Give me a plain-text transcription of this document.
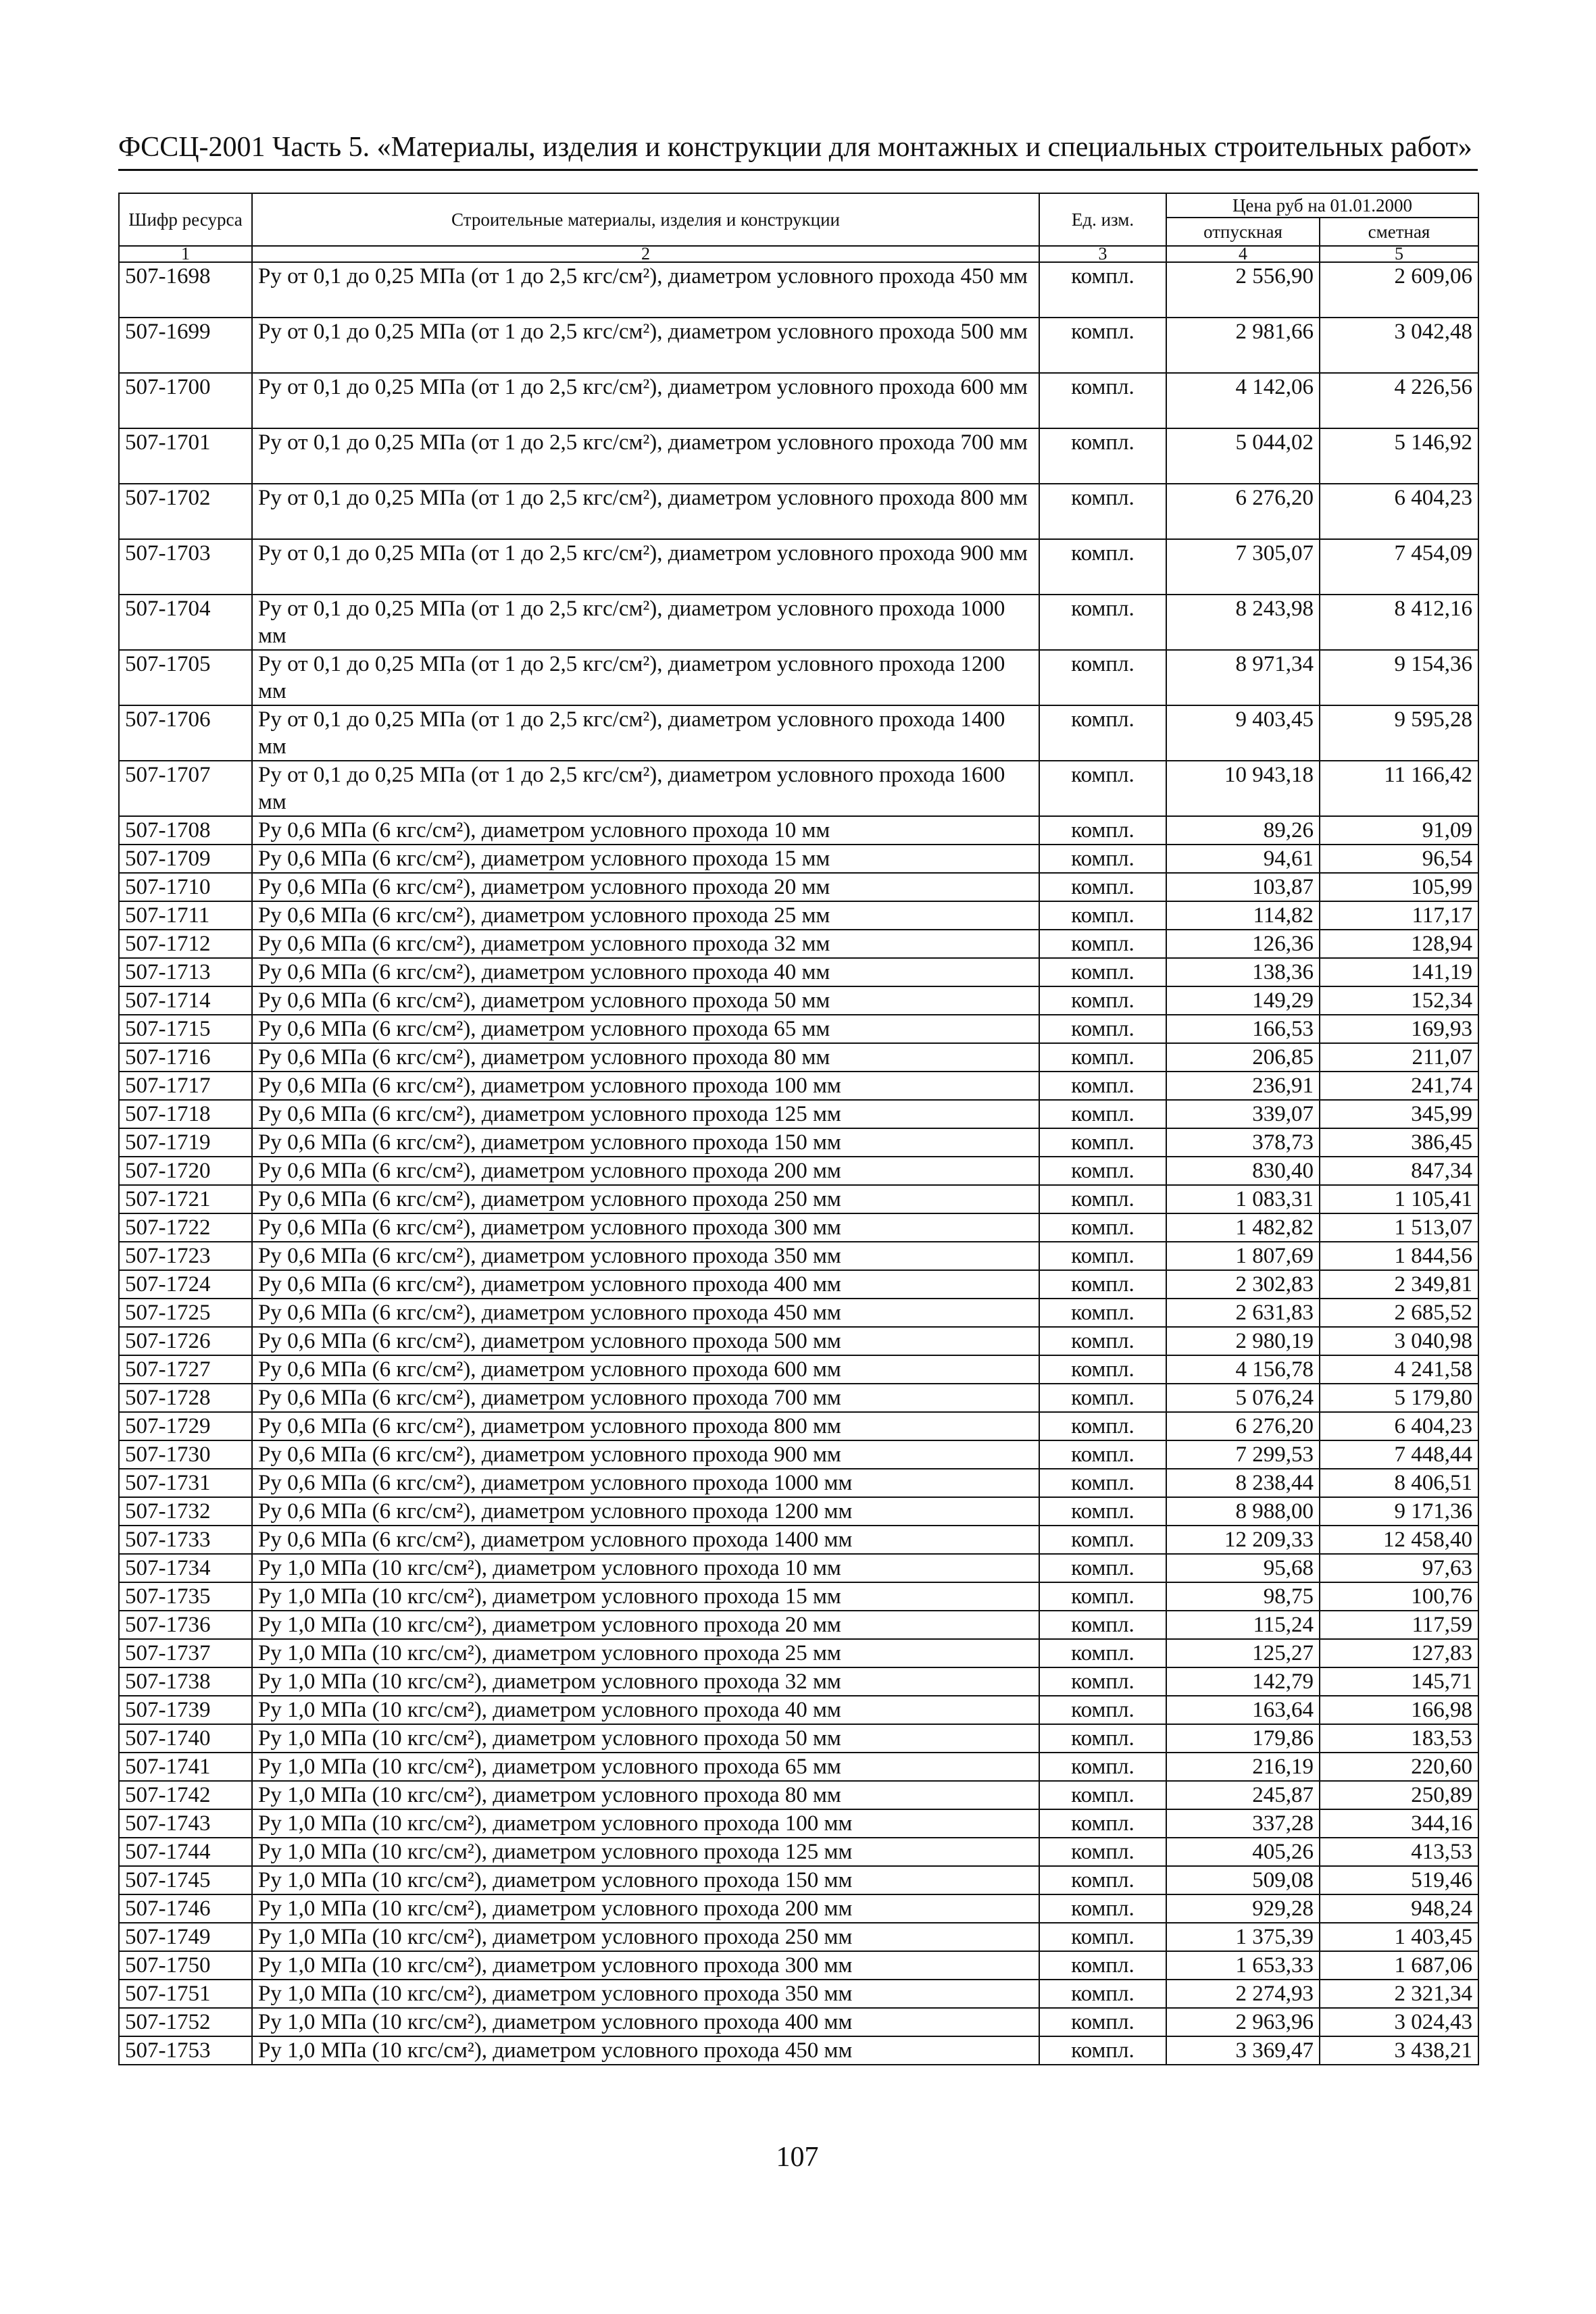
ФССЦ-2001 Часть 5. «Материалы, изделия и конструкции для монтажных и специальных строительных работ»
Шифр ресурса	Строительные материалы, изделия и конструкции	Ед. изм.	Цена руб на 01.01.2000	
			отпускная	сметная
1	2	3	4	5
507-1698	Ру от 0,1 до 0,25 МПа (от 1 до 2,5 кгс/см²), диаметром условного прохода 450 мм	компл.	2 556,90	2 609,06
507-1699	Ру от 0,1 до 0,25 МПа (от 1 до 2,5 кгс/см²), диаметром условного прохода 500 мм	компл.	2 981,66	3 042,48
507-1700	Ру от 0,1 до 0,25 МПа (от 1 до 2,5 кгс/см²), диаметром условного прохода 600 мм	компл.	4 142,06	4 226,56
507-1701	Ру от 0,1 до 0,25 МПа (от 1 до 2,5 кгс/см²), диаметром условного прохода 700 мм	компл.	5 044,02	5 146,92
507-1702	Ру от 0,1 до 0,25 МПа (от 1 до 2,5 кгс/см²), диаметром условного прохода 800 мм	компл.	6 276,20	6 404,23
507-1703	Ру от 0,1 до 0,25 МПа (от 1 до 2,5 кгс/см²), диаметром условного прохода 900 мм	компл.	7 305,07	7 454,09
507-1704	Ру от 0,1 до 0,25 МПа (от 1 до 2,5 кгс/см²), диаметром условного прохода 1000 мм	компл.	8 243,98	8 412,16
507-1705	Ру от 0,1 до 0,25 МПа (от 1 до 2,5 кгс/см²), диаметром условного прохода 1200 мм	компл.	8 971,34	9 154,36
507-1706	Ру от 0,1 до 0,25 МПа (от 1 до 2,5 кгс/см²), диаметром условного прохода 1400 мм	компл.	9 403,45	9 595,28
507-1707	Ру от 0,1 до 0,25 МПа (от 1 до 2,5 кгс/см²), диаметром условного прохода 1600 мм	компл.	10 943,18	11 166,42
507-1708	Ру 0,6 МПа (6 кгс/см²), диаметром условного прохода 10 мм	компл.	89,26	91,09
507-1709	Ру 0,6 МПа (6 кгс/см²), диаметром условного прохода 15 мм	компл.	94,61	96,54
507-1710	Ру 0,6 МПа (6 кгс/см²), диаметром условного прохода 20 мм	компл.	103,87	105,99
507-1711	Ру 0,6 МПа (6 кгс/см²), диаметром условного прохода 25 мм	компл.	114,82	117,17
507-1712	Ру 0,6 МПа (6 кгс/см²), диаметром условного прохода 32 мм	компл.	126,36	128,94
507-1713	Ру 0,6 МПа (6 кгс/см²), диаметром условного прохода 40 мм	компл.	138,36	141,19
507-1714	Ру 0,6 МПа (6 кгс/см²), диаметром условного прохода 50 мм	компл.	149,29	152,34
507-1715	Ру 0,6 МПа (6 кгс/см²), диаметром условного прохода 65 мм	компл.	166,53	169,93
507-1716	Ру 0,6 МПа (6 кгс/см²), диаметром условного прохода 80 мм	компл.	206,85	211,07
507-1717	Ру 0,6 МПа (6 кгс/см²), диаметром условного прохода 100 мм	компл.	236,91	241,74
507-1718	Ру 0,6 МПа (6 кгс/см²), диаметром условного прохода 125 мм	компл.	339,07	345,99
507-1719	Ру 0,6 МПа (6 кгс/см²), диаметром условного прохода 150 мм	компл.	378,73	386,45
507-1720	Ру 0,6 МПа (6 кгс/см²), диаметром условного прохода 200 мм	компл.	830,40	847,34
507-1721	Ру 0,6 МПа (6 кгс/см²), диаметром условного прохода 250 мм	компл.	1 083,31	1 105,41
507-1722	Ру 0,6 МПа (6 кгс/см²), диаметром условного прохода 300 мм	компл.	1 482,82	1 513,07
507-1723	Ру 0,6 МПа (6 кгс/см²), диаметром условного прохода 350 мм	компл.	1 807,69	1 844,56
507-1724	Ру 0,6 МПа (6 кгс/см²), диаметром условного прохода 400 мм	компл.	2 302,83	2 349,81
507-1725	Ру 0,6 МПа (6 кгс/см²), диаметром условного прохода 450 мм	компл.	2 631,83	2 685,52
507-1726	Ру 0,6 МПа (6 кгс/см²), диаметром условного прохода 500 мм	компл.	2 980,19	3 040,98
507-1727	Ру 0,6 МПа (6 кгс/см²), диаметром условного прохода 600 мм	компл.	4 156,78	4 241,58
507-1728	Ру 0,6 МПа (6 кгс/см²), диаметром условного прохода 700 мм	компл.	5 076,24	5 179,80
507-1729	Ру 0,6 МПа (6 кгс/см²), диаметром условного прохода 800 мм	компл.	6 276,20	6 404,23
507-1730	Ру 0,6 МПа (6 кгс/см²), диаметром условного прохода 900 мм	компл.	7 299,53	7 448,44
507-1731	Ру 0,6 МПа (6 кгс/см²), диаметром условного прохода 1000 мм	компл.	8 238,44	8 406,51
507-1732	Ру 0,6 МПа (6 кгс/см²), диаметром условного прохода 1200 мм	компл.	8 988,00	9 171,36
507-1733	Ру 0,6 МПа (6 кгс/см²), диаметром условного прохода 1400 мм	компл.	12 209,33	12 458,40
507-1734	Ру 1,0 МПа (10 кгс/см²), диаметром условного прохода 10 мм	компл.	95,68	97,63
507-1735	Ру 1,0 МПа (10 кгс/см²), диаметром условного прохода 15 мм	компл.	98,75	100,76
507-1736	Ру 1,0 МПа (10 кгс/см²), диаметром условного прохода 20 мм	компл.	115,24	117,59
507-1737	Ру 1,0 МПа (10 кгс/см²), диаметром условного прохода 25 мм	компл.	125,27	127,83
507-1738	Ру 1,0 МПа (10 кгс/см²), диаметром условного прохода 32 мм	компл.	142,79	145,71
507-1739	Ру 1,0 МПа (10 кгс/см²), диаметром условного прохода 40 мм	компл.	163,64	166,98
507-1740	Ру 1,0 МПа (10 кгс/см²), диаметром условного прохода 50 мм	компл.	179,86	183,53
507-1741	Ру 1,0 МПа (10 кгс/см²), диаметром условного прохода 65 мм	компл.	216,19	220,60
507-1742	Ру 1,0 МПа (10 кгс/см²), диаметром условного прохода 80 мм	компл.	245,87	250,89
507-1743	Ру 1,0 МПа (10 кгс/см²), диаметром условного прохода 100 мм	компл.	337,28	344,16
507-1744	Ру 1,0 МПа (10 кгс/см²), диаметром условного прохода 125 мм	компл.	405,26	413,53
507-1745	Ру 1,0 МПа (10 кгс/см²), диаметром условного прохода 150 мм	компл.	509,08	519,46
507-1746	Ру 1,0 МПа (10 кгс/см²), диаметром условного прохода 200 мм	компл.	929,28	948,24
507-1749	Ру 1,0 МПа (10 кгс/см²), диаметром условного прохода 250 мм	компл.	1 375,39	1 403,45
507-1750	Ру 1,0 МПа (10 кгс/см²), диаметром условного прохода 300 мм	компл.	1 653,33	1 687,06
507-1751	Ру 1,0 МПа (10 кгс/см²), диаметром условного прохода 350 мм	компл.	2 274,93	2 321,34
507-1752	Ру 1,0 МПа (10 кгс/см²), диаметром условного прохода 400 мм	компл.	2 963,96	3 024,43
507-1753	Ру 1,0 МПа (10 кгс/см²), диаметром условного прохода 450 мм	компл.	3 369,47	3 438,21
107
